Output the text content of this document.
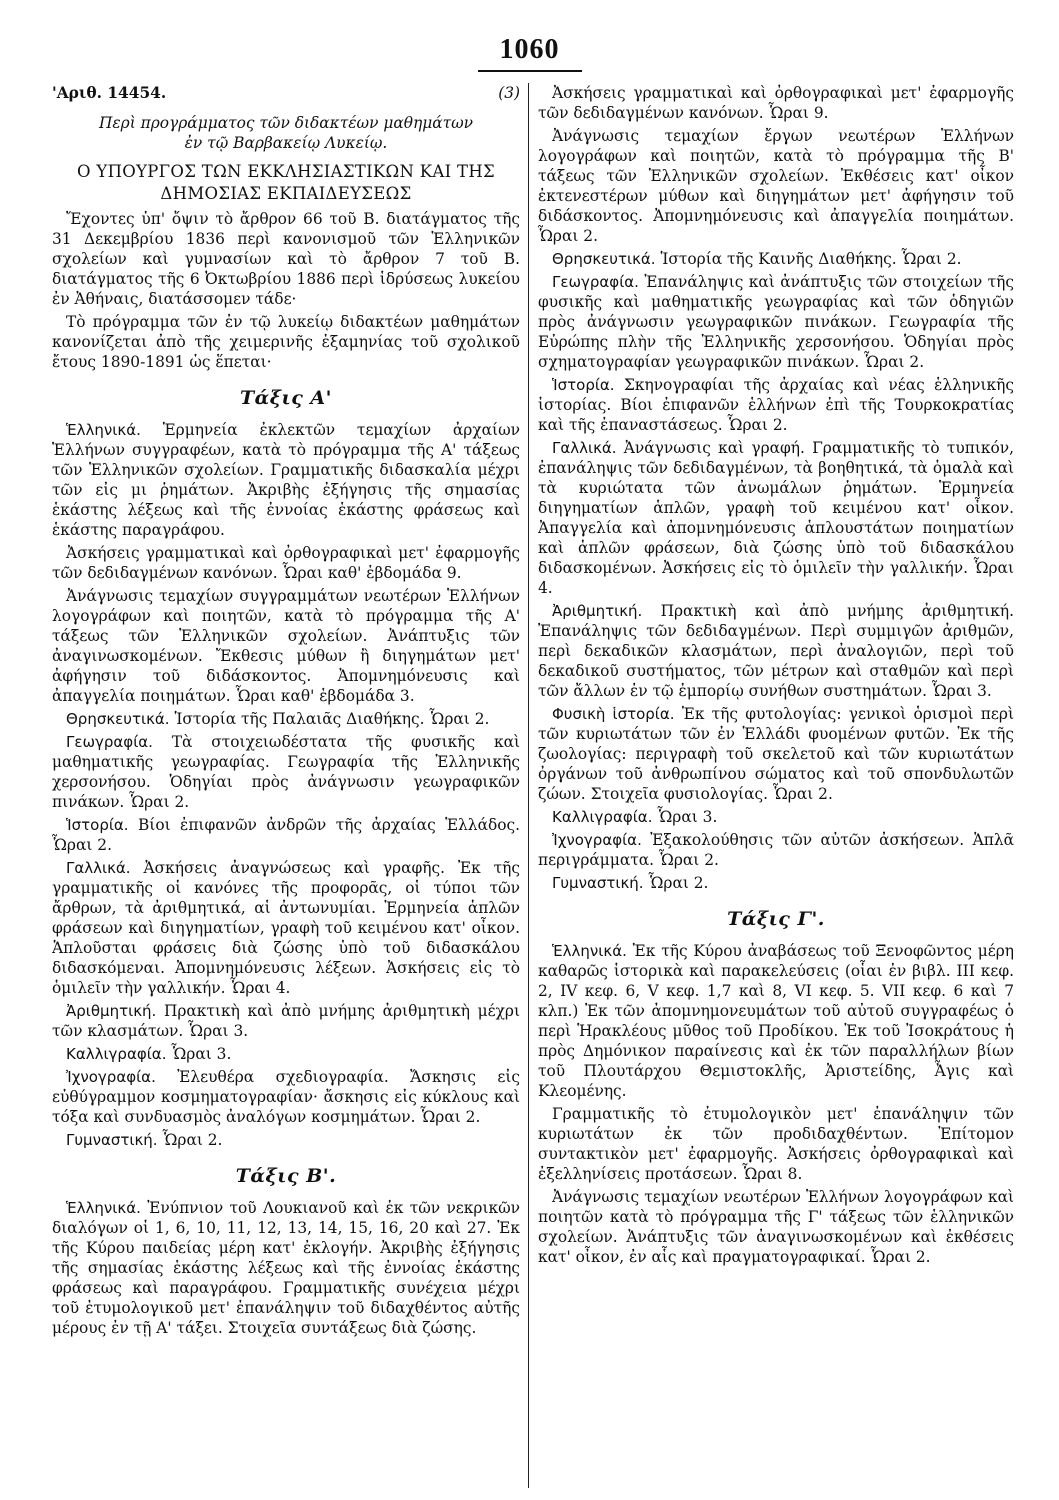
1060
'Αριθ. 14454.	(3)
Περὶ προγράμματος τῶν διδακτέων μαθημάτων
ἐν τῷ Βαρβακείῳ Λυκείῳ.
Ο ΥΠΟΥΡΓΟΣ ΤΩΝ ΕΚΚΛΗΣΙΑΣΤΙΚΩΝ ΚΑΙ ΤΗΣ
ΔΗΜΟΣΙΑΣ ΕΚΠΑΙΔΕΥΣΕΩΣ

Ἔχοντες ὑπ' ὄψιν τὸ ἄρθρον 66 τοῦ Β. διατάγματος τῆς 31 Δεκεμβρίου 1836 περὶ κανονισμοῦ τῶν Ἑλληνικῶν σχολείων καὶ γυμνασίων καὶ τὸ ἄρθρον 7 τοῦ Β. διατάγματος τῆς 6 Ὀκτωβρίου 1886 περὶ ἱδρύσεως λυκείου ἐν Ἀθήναις, διατάσσομεν τάδε·

Τὸ πρόγραμμα τῶν ἐν τῷ λυκείῳ διδακτέων μαθημάτων κανονίζεται ἀπὸ τῆς χειμερινῆς ἑξαμηνίας τοῦ σχολικοῦ ἔτους 1890-1891 ὡς ἕπεται·

Τάξις Α'

Ἑλληνικά. Ἑρμηνεία ἐκλεκτῶν τεμαχίων ἀρχαίων Ἑλλήνων συγγραφέων, κατὰ τὸ πρόγραμμα τῆς Α' τάξεως τῶν Ἑλληνικῶν σχολείων. Γραμματικῆς διδασκαλία μέχρι τῶν εἰς μι ῥημάτων. Ἀκριβὴς ἐξήγησις τῆς σημασίας ἑκάστης λέξεως καὶ τῆς ἐννοίας ἑκάστης φράσεως καὶ ἑκάστης παραγράφου.

Ἀσκήσεις γραμματικαὶ καὶ ὀρθογραφικαὶ μετ' ἐφαρμογῆς τῶν δεδιδαγμένων κανόνων. Ὧραι καθ' ἑβδομάδα 9.

Ἀνάγνωσις τεμαχίων συγγραμμάτων νεωτέρων Ἑλλήνων λογογράφων καὶ ποιητῶν, κατὰ τὸ πρόγραμμα τῆς Α' τάξεως τῶν Ἑλληνικῶν σχολείων. Ἀνάπτυξις τῶν ἀναγινωσκομένων. Ἔκθεσις μύθων ἢ διηγημάτων μετ' ἀφήγησιν τοῦ διδάσκοντος. Ἀπομνημόνευσις καὶ ἀπαγγελία ποιημάτων. Ὧραι καθ' ἑβδομάδα 3.

Θρησκευτικά. Ἱστορία τῆς Παλαιᾶς Διαθήκης. Ὧραι 2.

Γεωγραφία. Τὰ στοιχειωδέστατα τῆς φυσικῆς καὶ μαθηματικῆς γεωγραφίας. Γεωγραφία τῆς Ἑλληνικῆς χερσονήσου. Ὁδηγίαι πρὸς ἀνάγνωσιν γεωγραφικῶν πινάκων. Ὧραι 2.

Ἱστορία. Βίοι ἐπιφανῶν ἀνδρῶν τῆς ἀρχαίας Ἑλλάδος. Ὧραι 2.

Γαλλικά. Ἀσκήσεις ἀναγνώσεως καὶ γραφῆς. Ἐκ τῆς γραμματικῆς οἱ κανόνες τῆς προφορᾶς, οἱ τύποι τῶν ἄρθρων, τὰ ἀριθμητικά, αἱ ἀντωνυμίαι. Ἑρμηνεία ἁπλῶν φράσεων καὶ διηγηματίων, γραφὴ τοῦ κειμένου κατ' οἶκον. Ἁπλοῦσται φράσεις διὰ ζώσης ὑπὸ τοῦ διδασκάλου διδασκόμεναι. Ἀπομνημόνευσις λέξεων. Ἀσκήσεις εἰς τὸ ὁμιλεῖν τὴν γαλλικήν. Ὧραι 4.

Ἀριθμητική. Πρακτικὴ καὶ ἀπὸ μνήμης ἀριθμητικὴ μέχρι τῶν κλασμάτων. Ὧραι 3.

Καλλιγραφία. Ὧραι 3.

Ἰχνογραφία. Ἐλευθέρα σχεδιογραφία. Ἄσκησις εἰς εὐθύγραμμον κοσμηματογραφίαν· ἄσκησις εἰς κύκλους καὶ τόξα καὶ συνδυασμὸς ἀναλόγων κοσμημάτων. Ὧραι 2.

Γυμναστική. Ὧραι 2.

Τάξις Β'.

Ἑλληνικά. Ἐνύπνιον τοῦ Λουκιανοῦ καὶ ἐκ τῶν νεκρικῶν διαλόγων οἱ 1, 6, 10, 11, 12, 13, 14, 15, 16, 20 καὶ 27. Ἐκ τῆς Κύρου παιδείας μέρη κατ' ἐκλογήν. Ἀκριβὴς ἐξήγησις τῆς σημασίας ἑκάστης λέξεως καὶ τῆς ἐννοίας ἑκάστης φράσεως καὶ παραγράφου. Γραμματικῆς συνέχεια μέχρι τοῦ ἐτυμολογικοῦ μετ' ἐπανάληψιν τοῦ διδαχθέντος αὐτῆς μέρους ἐν τῇ Α' τάξει. Στοιχεῖα συντάξεως διὰ ζώσης.

Ἀσκήσεις γραμματικαὶ καὶ ὀρθογραφικαὶ μετ' ἐφαρμογῆς τῶν δεδιδαγμένων κανόνων. Ὧραι 9.

Ἀνάγνωσις τεμαχίων ἔργων νεωτέρων Ἑλλήνων λογογράφων καὶ ποιητῶν, κατὰ τὸ πρόγραμμα τῆς Β' τάξεως τῶν Ἑλληνικῶν σχολείων. Ἐκθέσεις κατ' οἶκον ἐκτενεστέρων μύθων καὶ διηγημάτων μετ' ἀφήγησιν τοῦ διδάσκοντος. Ἀπομνημόνευσις καὶ ἀπαγγελία ποιημάτων. Ὧραι 2.

Θρησκευτικά. Ἱστορία τῆς Καινῆς Διαθήκης. Ὧραι 2.

Γεωγραφία. Ἐπανάληψις καὶ ἀνάπτυξις τῶν στοιχείων τῆς φυσικῆς καὶ μαθηματικῆς γεωγραφίας καὶ τῶν ὁδηγιῶν πρὸς ἀνάγνωσιν γεωγραφικῶν πινάκων. Γεωγραφία τῆς Εὐρώπης πλὴν τῆς Ἑλληνικῆς χερσονήσου. Ὁδηγίαι πρὸς σχηματογραφίαν γεωγραφικῶν πινάκων. Ὧραι 2.

Ἱστορία. Σκηνογραφίαι τῆς ἀρχαίας καὶ νέας ἑλληνικῆς ἱστορίας. Βίοι ἐπιφανῶν ἑλλήνων ἐπὶ τῆς Τουρκοκρατίας καὶ τῆς ἐπαναστάσεως. Ὧραι 2.

Γαλλικά. Ἀνάγνωσις καὶ γραφή. Γραμματικῆς τὸ τυπικόν, ἐπανάληψις τῶν δεδιδαγμένων, τὰ βοηθητικά, τὰ ὁμαλὰ καὶ τὰ κυριώτατα τῶν ἀνωμάλων ῥημάτων. Ἑρμηνεία διηγηματίων ἁπλῶν, γραφὴ τοῦ κειμένου κατ' οἶκον. Ἀπαγγελία καὶ ἀπομνημόνευσις ἁπλουστάτων ποιηματίων καὶ ἁπλῶν φράσεων, διὰ ζώσης ὑπὸ τοῦ διδασκάλου διδασκομένων. Ἀσκήσεις εἰς τὸ ὁμιλεῖν τὴν γαλλικήν. Ὧραι 4.

Ἀριθμητική. Πρακτικὴ καὶ ἀπὸ μνήμης ἀριθμητική. Ἐπανάληψις τῶν δεδιδαγμένων. Περὶ συμμιγῶν ἀριθμῶν, περὶ δεκαδικῶν κλασμάτων, περὶ ἀναλογιῶν, περὶ τοῦ δεκαδικοῦ συστήματος, τῶν μέτρων καὶ σταθμῶν καὶ περὶ τῶν ἄλλων ἐν τῷ ἐμπορίῳ συνήθων συστημάτων. Ὧραι 3.

Φυσικὴ ἱστορία. Ἐκ τῆς φυτολογίας: γενικοὶ ὁρισμοὶ περὶ τῶν κυριωτάτων τῶν ἐν Ἑλλάδι φυομένων φυτῶν. Ἐκ τῆς ζωολογίας: περιγραφὴ τοῦ σκελετοῦ καὶ τῶν κυριωτάτων ὀργάνων τοῦ ἀνθρωπίνου σώματος καὶ τοῦ σπονδυλωτῶν ζώων. Στοιχεῖα φυσιολογίας. Ὧραι 2.

Καλλιγραφία. Ὧραι 3.

Ἰχνογραφία. Ἐξακολούθησις τῶν αὐτῶν ἀσκήσεων. Ἁπλᾶ περιγράμματα. Ὧραι 2.

Γυμναστική. Ὧραι 2.

Τάξις Γ'.

Ἑλληνικά. Ἐκ τῆς Κύρου ἀναβάσεως τοῦ Ξενοφῶντος μέρη καθαρῶς ἱστορικὰ καὶ παρακελεύσεις (οἷαι ἐν βιβλ. ΙΙΙ κεφ. 2, IV κεφ. 6, V κεφ. 1,7 καὶ 8, VI κεφ. 5. VII κεφ. 6 καὶ 7 κλπ.) Ἐκ τῶν ἀπομνημονευμάτων τοῦ αὐτοῦ συγγραφέως ὁ περὶ Ἡρακλέους μῦθος τοῦ Προδίκου. Ἐκ τοῦ Ἰσοκράτους ἡ πρὸς Δημόνικον παραίνεσις καὶ ἐκ τῶν παραλλήλων βίων τοῦ Πλουτάρχου Θεμιστοκλῆς, Ἀριστείδης, Ἆγις καὶ Κλεομένης.

Γραμματικῆς τὸ ἐτυμολογικὸν μετ' ἐπανάληψιν τῶν κυριωτάτων ἐκ τῶν προδιδαχθέντων. Ἐπίτομον συντακτικὸν μετ' ἐφαρμογῆς. Ἀσκήσεις ὀρθογραφικαὶ καὶ ἐξελληνίσεις προτάσεων. Ὧραι 8.

Ἀνάγνωσις τεμαχίων νεωτέρων Ἑλλήνων λογογράφων καὶ ποιητῶν κατὰ τὸ πρόγραμμα τῆς Γ' τάξεως τῶν ἑλληνικῶν σχολείων. Ἀνάπτυξις τῶν ἀναγινωσκομένων καὶ ἐκθέσεις κατ' οἶκον, ἐν αἷς καὶ πραγματογραφικαί. Ὧραι 2.
